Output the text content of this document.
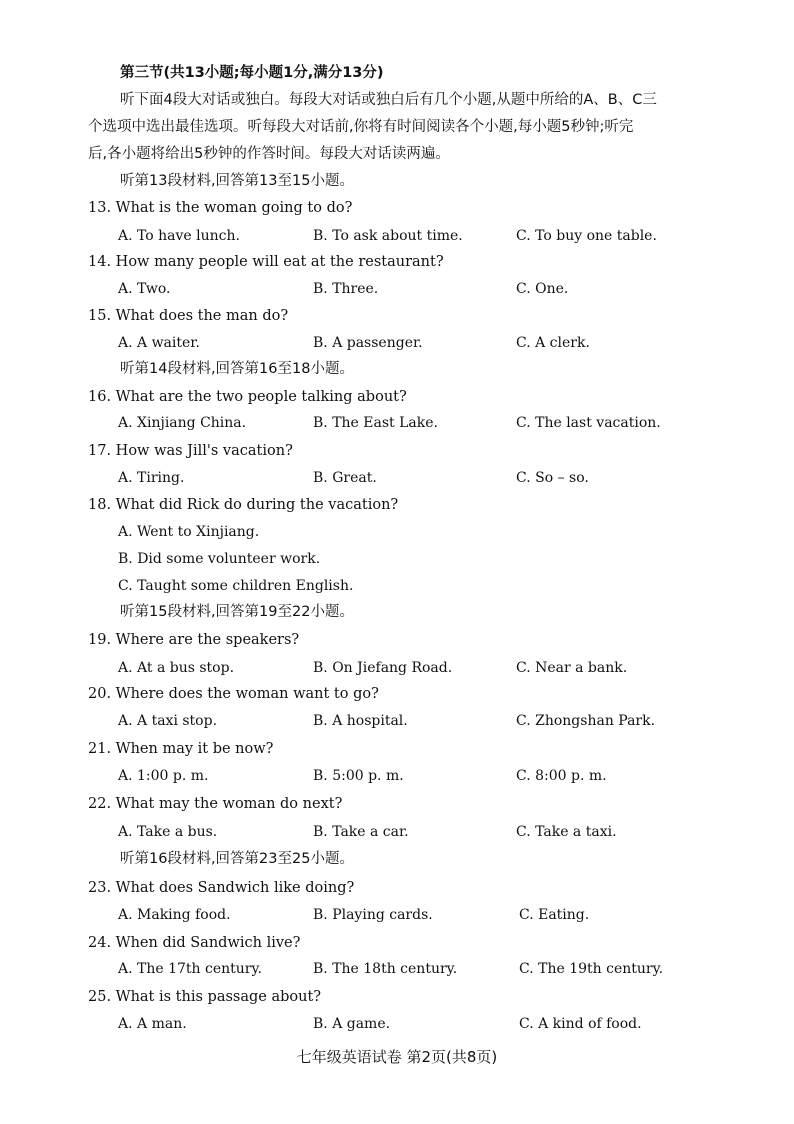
第三节(共13小题;每小题1分,满分13分)
听下面4段大对话或独白。每段大对话或独白后有几个小题,从题中所给的A、B、C三
个选项中选出最佳选项。听每段大对话前,你将有时间阅读各个小题,每小题5秒钟;听完
后,各小题将给出5秒钟的作答时间。每段大对话读两遍。
听第13段材料,回答第13至15小题。
13. What is the woman going to do?
A. To have lunch.	B. To ask about time.	C. To buy one table.
14. How many people will eat at the restaurant?
A. Two.	B. Three.	C. One.
15. What does the man do?
A. A waiter.	B. A passenger.	C. A clerk.
听第14段材料,回答第16至18小题。
16. What are the two people talking about?
A. Xinjiang China.	B. The East Lake.	C. The last vacation.
17. How was Jill's vacation?
A. Tiring.	B. Great.	C. So – so.
18. What did Rick do during the vacation?
A. Went to Xinjiang.
B. Did some volunteer work.
C. Taught some children English.
听第15段材料,回答第19至22小题。
19. Where are the speakers?
A. At a bus stop.	B. On Jiefang Road.	C. Near a bank.
20. Where does the woman want to go?
A. A taxi stop.	B. A hospital.	C. Zhongshan Park.
21. When may it be now?
A. 1:00 p. m.	B. 5:00 p. m.	C. 8:00 p. m.
22. What may the woman do next?
A. Take a bus.	B. Take a car.	C. Take a taxi.
听第16段材料,回答第23至25小题。
23. What does Sandwich like doing?
A. Making food.	B. Playing cards.	C. Eating.
24. When did Sandwich live?
A. The 17th century.	B. The 18th century.	C. The 19th century.
25. What is this passage about?
A. A man.	B. A game.	C. A kind of food.
七年级英语试卷 第2页(共8页)
